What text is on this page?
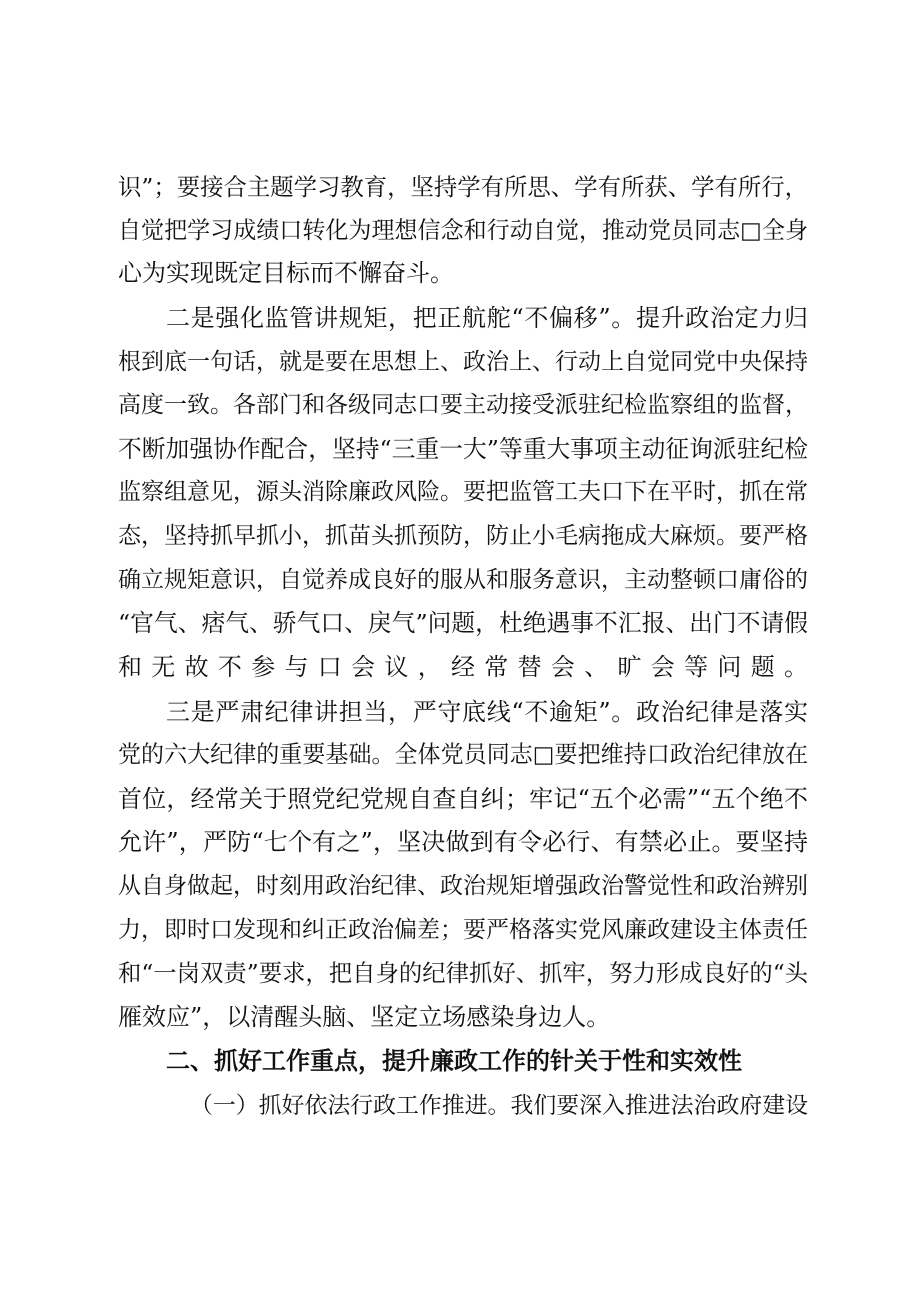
识”；要接合主题学习教育，坚持学有所思、学有所获、学有所行，
自觉把学习成绩口转化为理想信念和行动自觉，推动党员同志□全身
心为实现既定目标而不懈奋斗。
二是强化监管讲规矩，把正航舵“不偏移”。提升政治定力归
根到底一句话，就是要在思想上、政治上、行动上自觉同党中央保持
高度一致。各部门和各级同志口要主动接受派驻纪检监察组的监督，
不断加强协作配合，坚持“三重一大”等重大事项主动征询派驻纪检
监察组意见，源头消除廉政风险。要把监管工夫口下在平时，抓在常
态，坚持抓早抓小，抓苗头抓预防，防止小毛病拖成大麻烦。要严格
确立规矩意识，自觉养成良好的服从和服务意识，主动整顿口庸俗的
“官气、痞气、骄气口、戾气”问题，杜绝遇事不汇报、出门不请假
和无故不参与口会议，经常替会、旷会等问题。
三是严肃纪律讲担当，严守底线“不逾矩”。政治纪律是落实
党的六大纪律的重要基础。全体党员同志□要把维持口政治纪律放在
首位，经常关于照党纪党规自查自纠；牢记“五个必需”“五个绝不
允许”，严防“七个有之”，坚决做到有令必行、有禁必止。要坚持
从自身做起，时刻用政治纪律、政治规矩增强政治警觉性和政治辨别
力，即时口发现和纠正政治偏差；要严格落实党风廉政建设主体责任
和“一岗双责”要求，把自身的纪律抓好、抓牢，努力形成良好的“头
雁效应”，以清醒头脑、坚定立场感染身边人。
二、抓好工作重点，提升廉政工作的针关于性和实效性
（一）抓好依法行政工作推进。我们要深入推进法治政府建设
